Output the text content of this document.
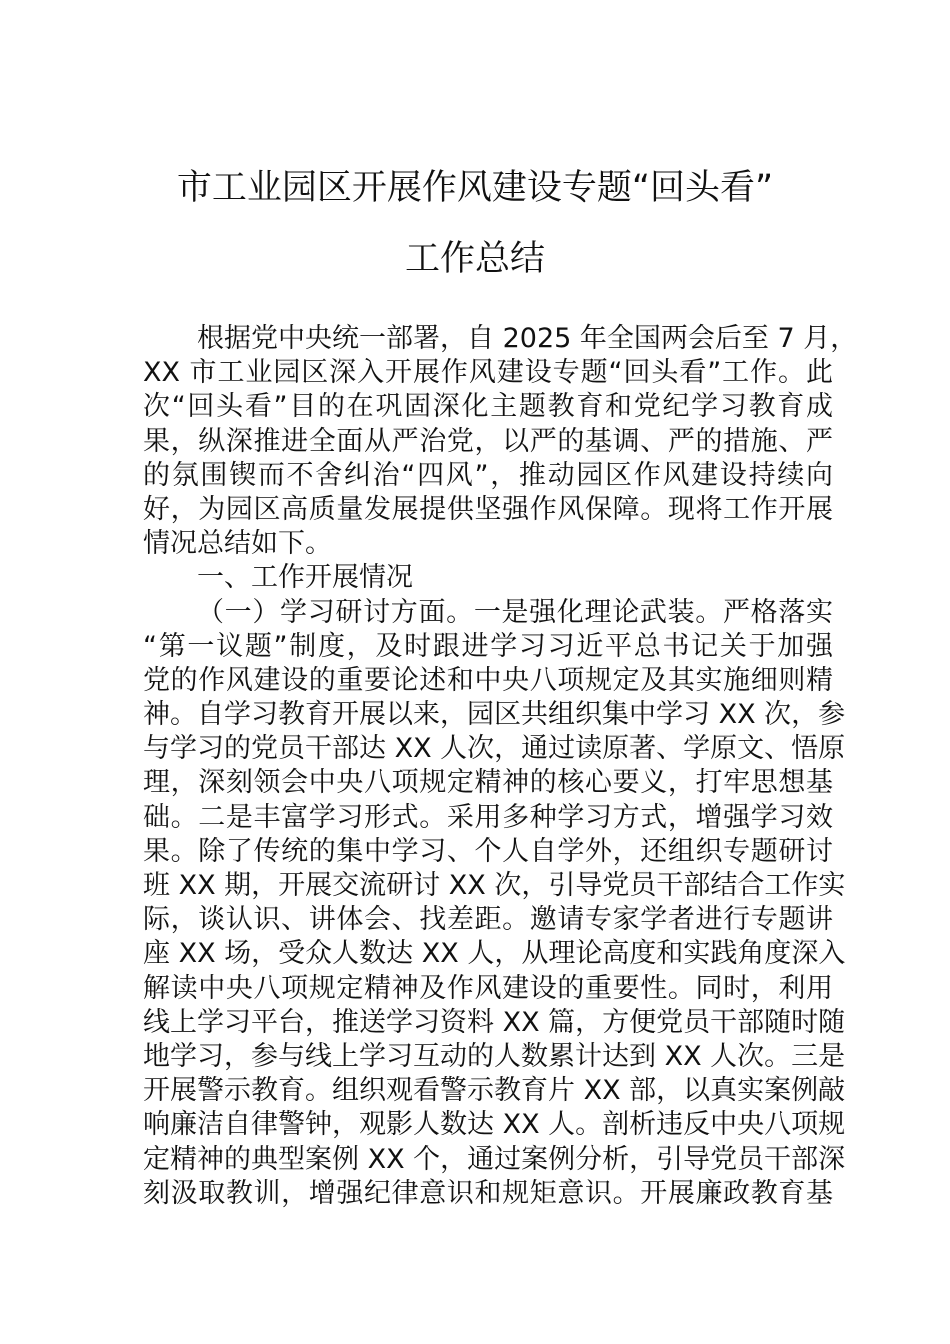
市工业园区开展作风建设专题“回头看”
工作总结
根据党中央统一部署，自 2025 年全国两会后至 7 月，
XX 市工业园区深入开展作风建设专题“回头看”工作。此
次“回头看”目的在巩固深化主题教育和党纪学习教育成
果，纵深推进全面从严治党，以严的基调、严的措施、严
的氛围锲而不舍纠治“四风”，推动园区作风建设持续向
好，为园区高质量发展提供坚强作风保障。现将工作开展
情况总结如下。
一、工作开展情况
（一）学习研讨方面。一是强化理论武装。严格落实
“第一议题”制度，及时跟进学习习近平总书记关于加强
党的作风建设的重要论述和中央八项规定及其实施细则精
神。自学习教育开展以来，园区共组织集中学习 XX 次，参
与学习的党员干部达 XX 人次，通过读原著、学原文、悟原
理，深刻领会中央八项规定精神的核心要义，打牢思想基
础。二是丰富学习形式。采用多种学习方式，增强学习效
果。除了传统的集中学习、个人自学外，还组织专题研讨
班 XX 期，开展交流研讨 XX 次，引导党员干部结合工作实
际，谈认识、讲体会、找差距。邀请专家学者进行专题讲
座 XX 场，受众人数达 XX 人，从理论高度和实践角度深入
解读中央八项规定精神及作风建设的重要性。同时，利用
线上学习平台，推送学习资料 XX 篇，方便党员干部随时随
地学习，参与线上学习互动的人数累计达到 XX 人次。三是
开展警示教育。组织观看警示教育片 XX 部，以真实案例敲
响廉洁自律警钟，观影人数达 XX 人。剖析违反中央八项规
定精神的典型案例 XX 个，通过案例分析，引导党员干部深
刻汲取教训，增强纪律意识和规矩意识。开展廉政教育基
